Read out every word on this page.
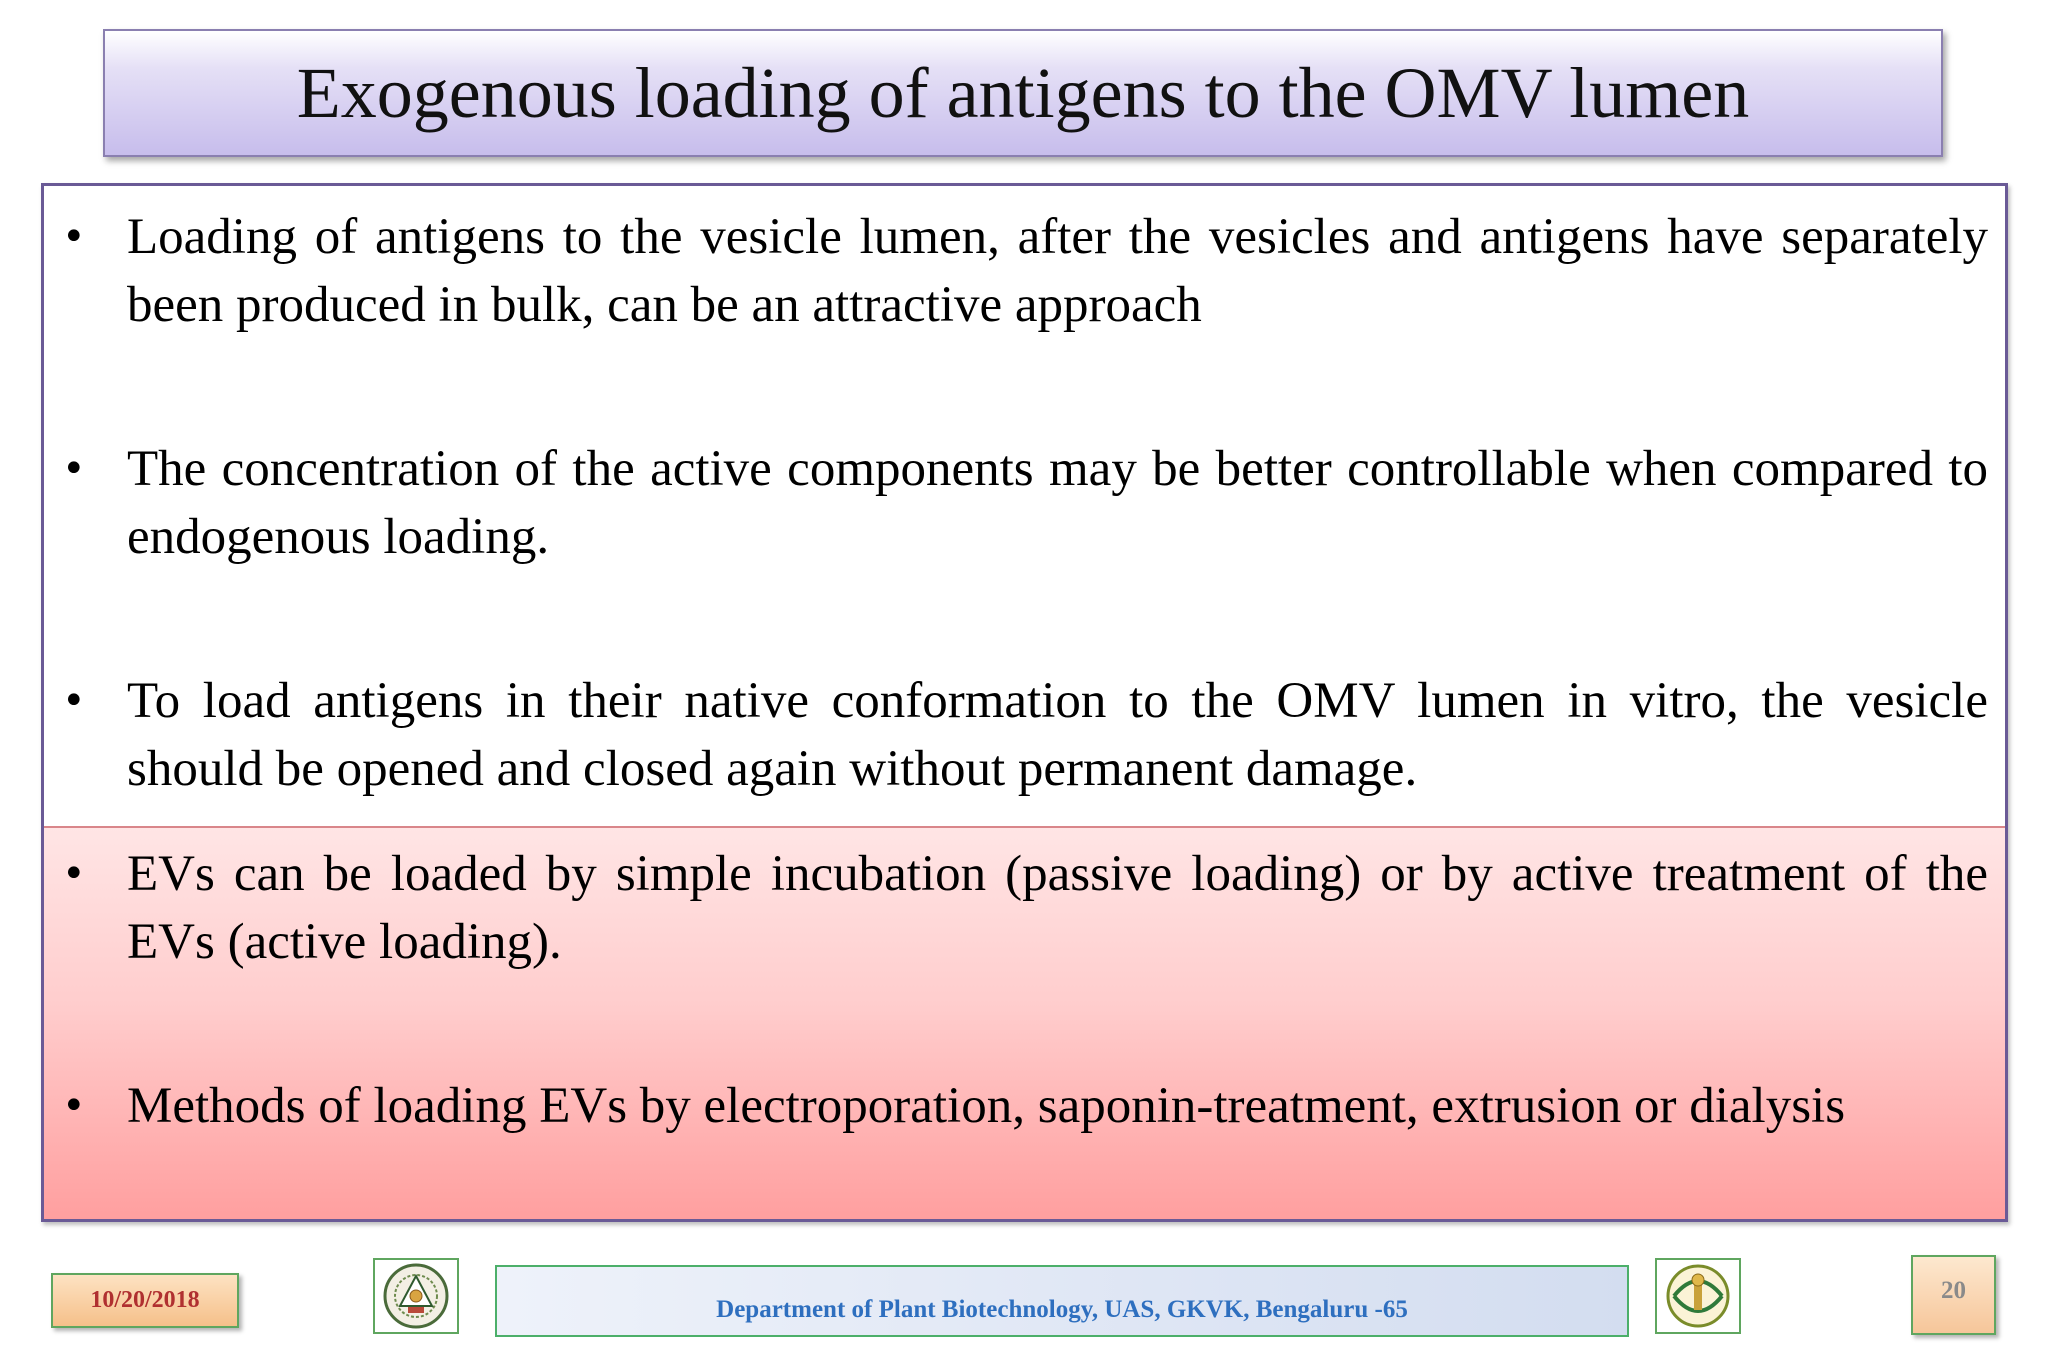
Exogenous loading of antigens to the OMV lumen
• Loading of antigens to the vesicle lumen, after the vesicles and antigens have separately been produced in bulk, can be an attractive approach
• The concentration of the active components may be better controllable when compared to endogenous loading.
• To load antigens in their native conformation to the OMV lumen in vitro, the vesicle should be opened and closed again without permanent damage.
• EVs can be loaded by simple incubation (passive loading) or by active treatment of the EVs (active loading).
• Methods of loading EVs by electroporation, saponin-treatment, extrusion or dialysis
10/20/2018	Department of Plant Biotechnology, UAS, GKVK, Bengaluru -65
20
